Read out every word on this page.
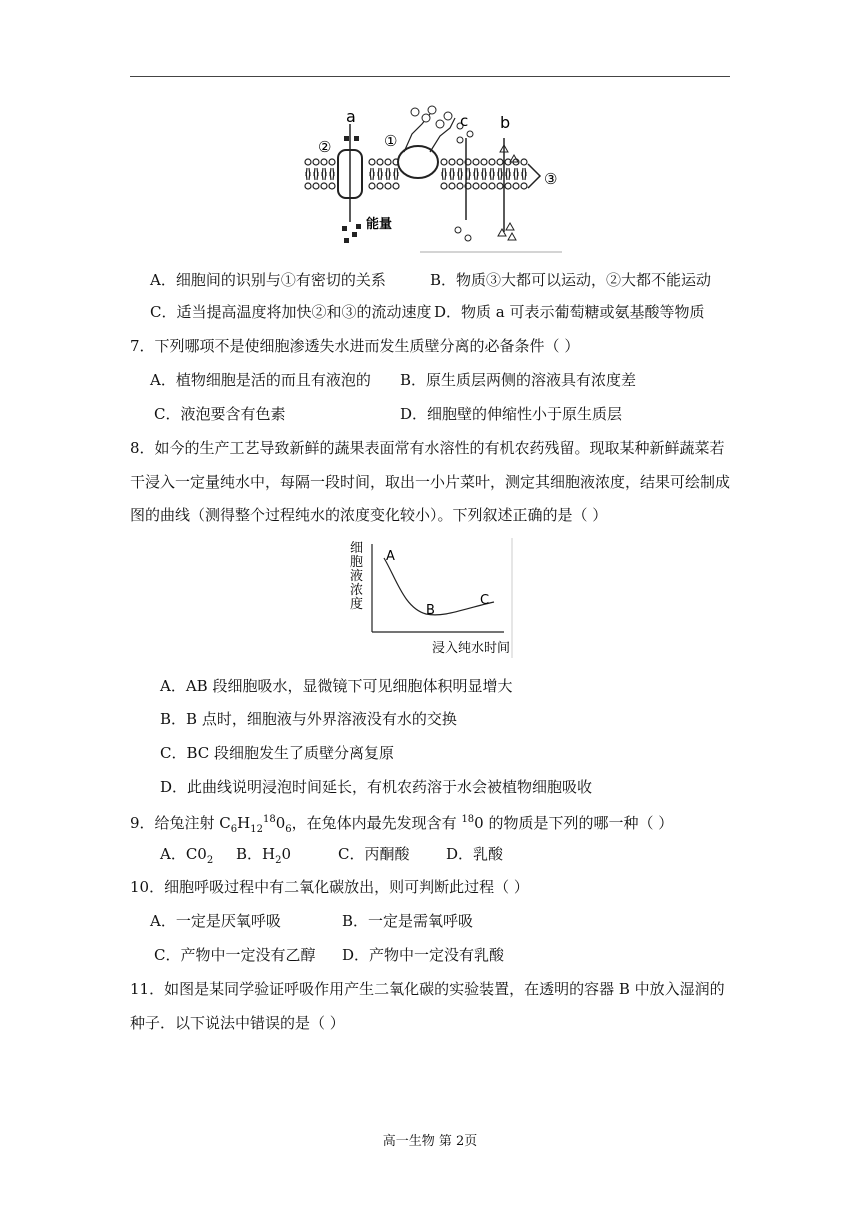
a	b
c
①
②
③
能量
A．细胞间的识别与①有密切的关系	B．物质③大都可以运动，②大都不能运动
C．适当提高温度将加快②和③的流动速度 D．物质 a 可表示葡萄糖或氨基酸等物质
7．下列哪项不是使细胞渗透失水进而发生质壁分离的必备条件（ ）
A．植物细胞是活的而且有液泡的 B．原生质层两侧的溶液具有浓度差
C．液泡要含有色素	D．细胞壁的伸缩性小于原生质层
8．如今的生产工艺导致新鲜的蔬果表面常有水溶性的有机农药残留。现取某种新鲜蔬菜若
干浸入一定量纯水中，每隔一段时间，取出一小片菜叶，测定其细胞液浓度，结果可绘制成
图的曲线（测得整个过程纯水的浓度变化较小）。下列叙述正确的是（ ）
细胞液浓度
浸入纯水时间
A
B
C
A．AB 段细胞吸水，显微镜下可见细胞体积明显增大
B．B 点时，细胞液与外界溶液没有水的交换
C．BC 段细胞发生了质壁分离复原
D．此曲线说明浸泡时间延长，有机农药溶于水会被植物细胞吸收
9．给兔注射 $C_6H_{12}^{18}0_6$，在兔体内最先发现含有 $^{18}$0 的物质是下列的哪一种（ ）
A．$C0_2$ B．$H_20$	C．丙酮酸 D．乳酸
10．细胞呼吸过程中有二氧化碳放出，则可判断此过程（ ）
A．一定是厌氧呼吸	B．一定是需氧呼吸
C．产物中一定没有乙醇 D．产物中一定没有乳酸
11．如图是某同学验证呼吸作用产生二氧化碳的实验装置，在透明的容器 B 中放入湿润的
种子．以下说法中错误的是（ ）
高一生物 第 2页
